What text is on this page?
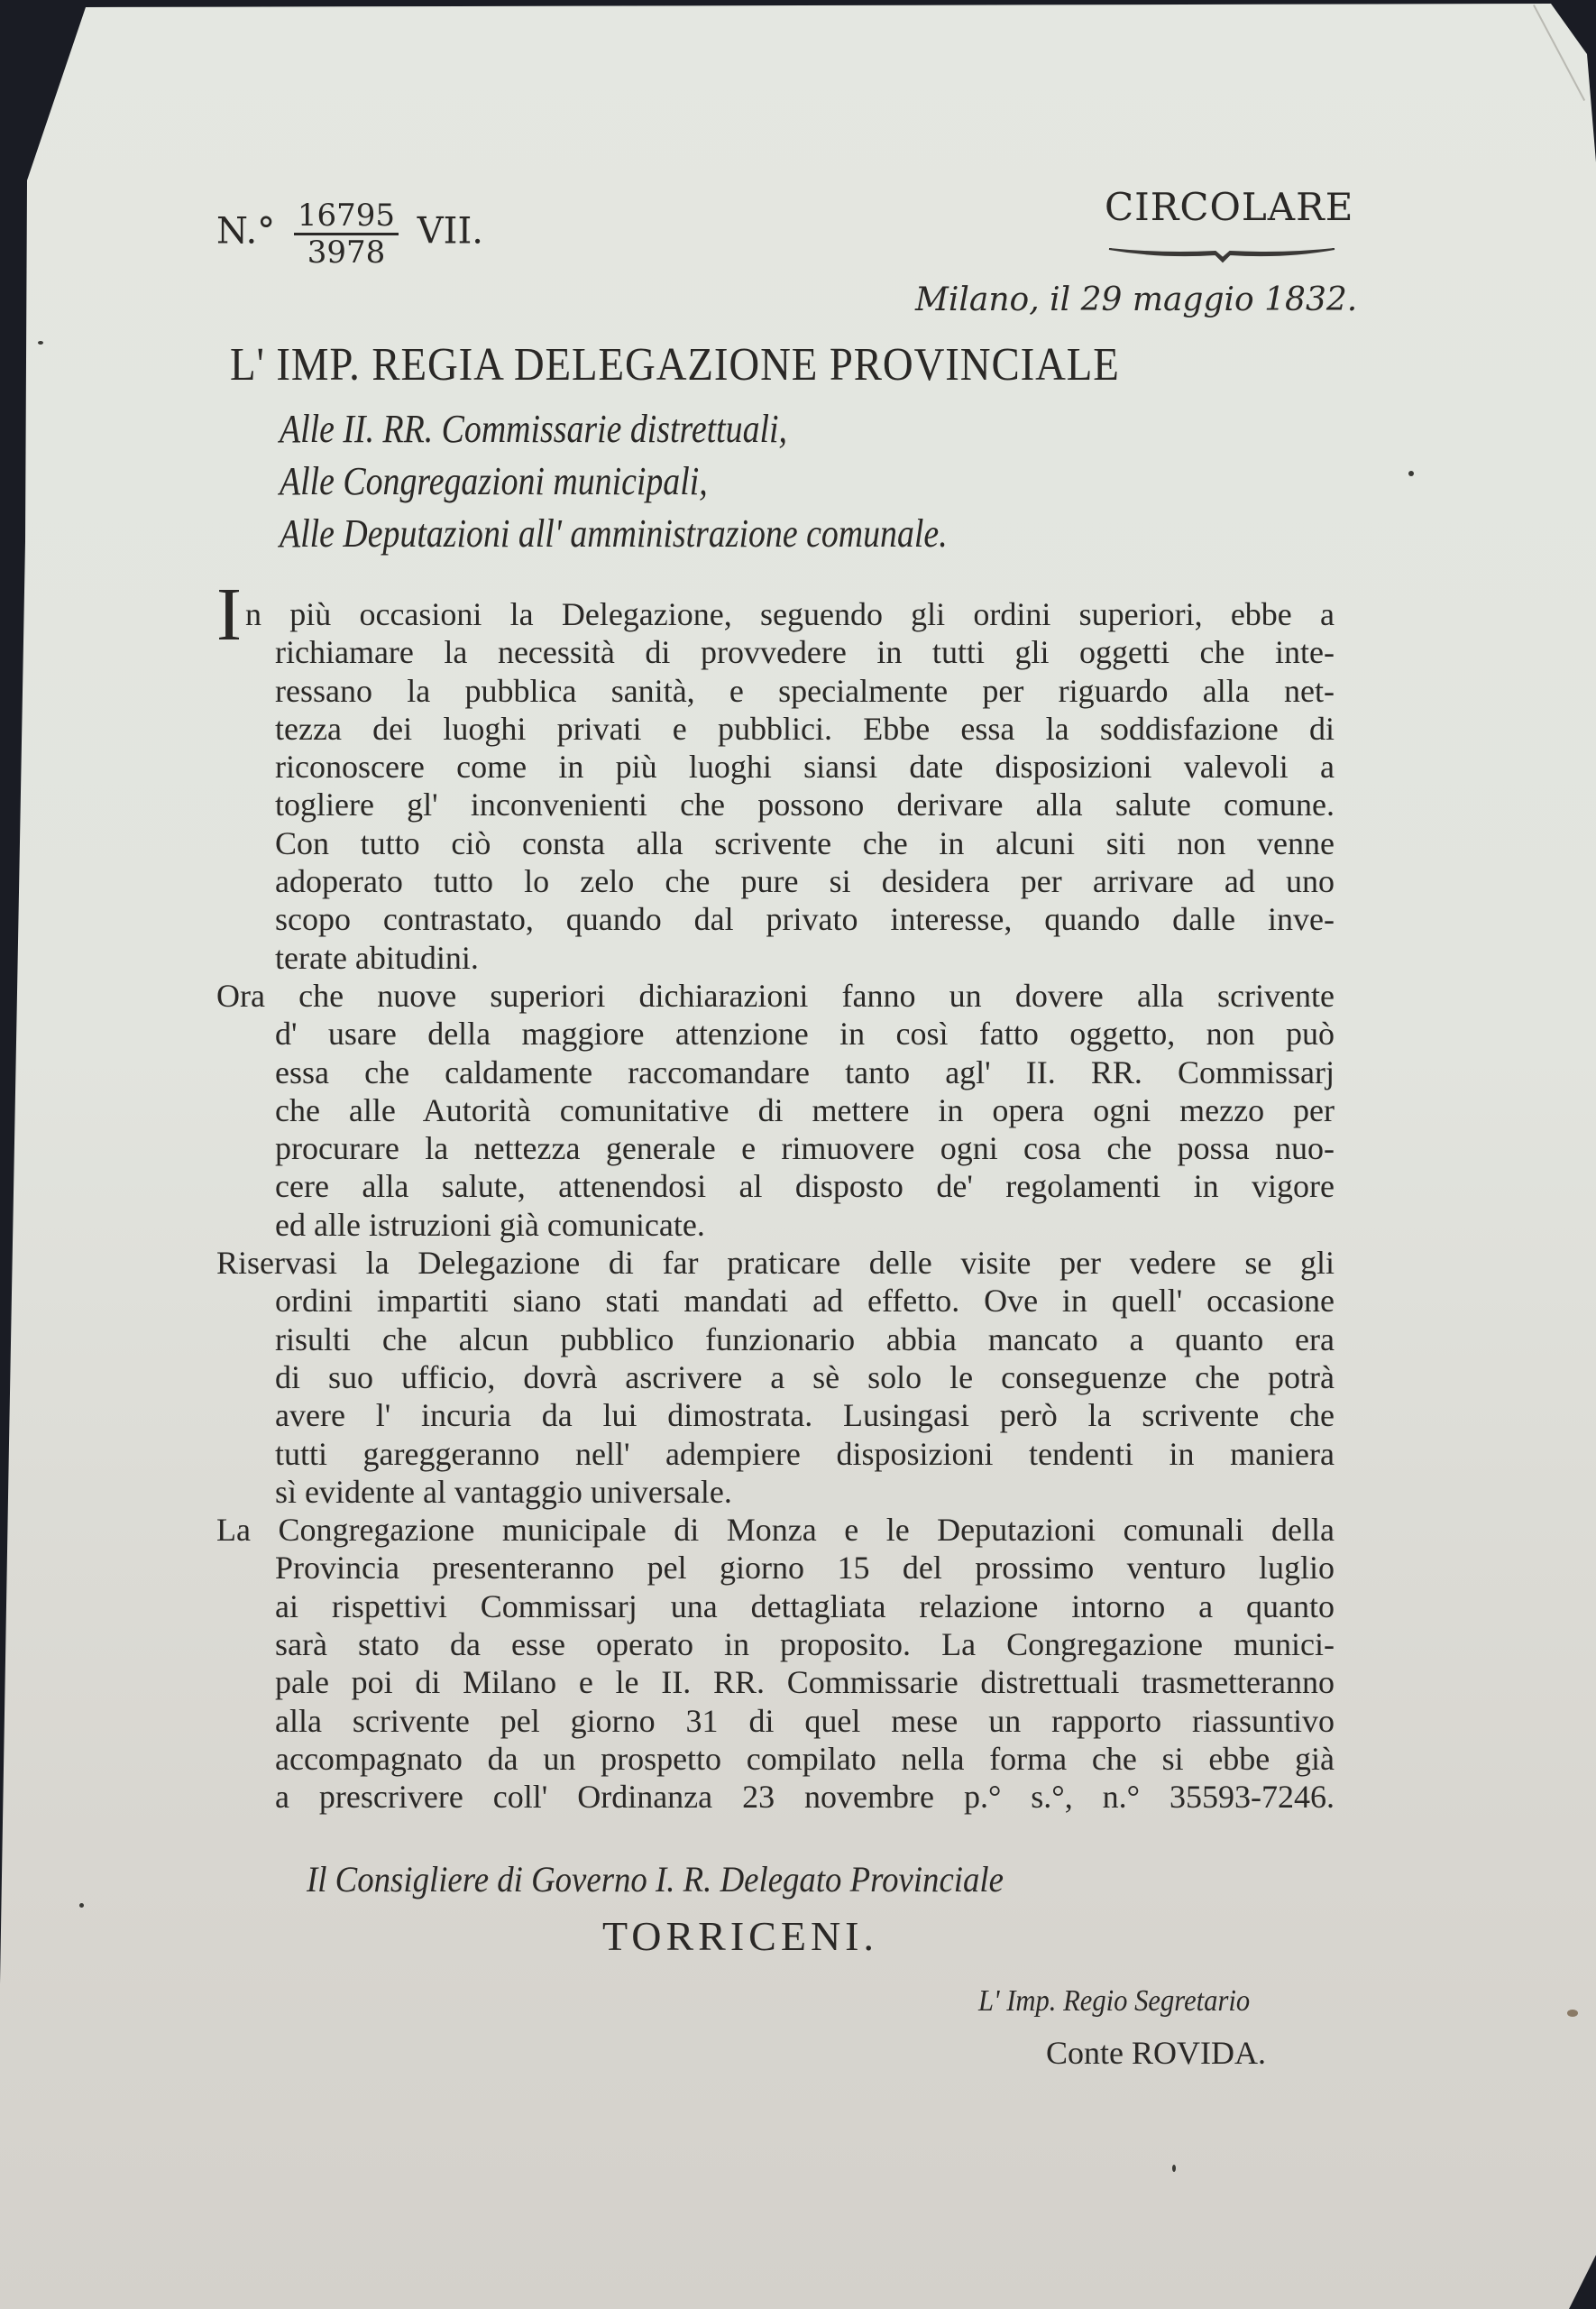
$N.^\circ \frac{16795}{3978}$ VII.
CIRCOLARE
Milano, il 29 maggio 1832.
L' IMP. REGIA DELEGAZIONE PROVINCIALE
Alle II. RR. Commissarie distrettuali,
Alle Congregazioni municipali,
Alle Deputazioni all' amministrazione comunale.
I n più occasioni la Delegazione, seguendo gli ordini superiori, ebbe a
richiamare la necessità di provvedere in tutti gli oggetti che inte-
ressano la pubblica sanità, e specialmente per riguardo alla net-
tezza dei luoghi privati e pubblici. Ebbe essa la soddisfazione di
riconoscere come in più luoghi siansi date disposizioni valevoli a
togliere gl' inconvenienti che possono derivare alla salute comune.
Con tutto ciò consta alla scrivente che in alcuni siti non venne
adoperato tutto lo zelo che pure si desidera per arrivare ad uno
scopo contrastato, quando dal privato interesse, quando dalle inve-
terate abitudini.
Ora che nuove superiori dichiarazioni fanno un dovere alla scrivente
d' usare della maggiore attenzione in così fatto oggetto, non può
essa che caldamente raccomandare tanto agl' II. RR. Commissarj
che alle Autorità comunitative di mettere in opera ogni mezzo per
procurare la nettezza generale e rimuovere ogni cosa che possa nuo-
cere alla salute, attenendosi al disposto de' regolamenti in vigore
ed alle istruzioni già comunicate.
Riservasi la Delegazione di far praticare delle visite per vedere se gli
ordini impartiti siano stati mandati ad effetto. Ove in quell' occasione
risulti che alcun pubblico funzionario abbia mancato a quanto era
di suo ufficio, dovrà ascrivere a sè solo le conseguenze che potrà
avere l' incuria da lui dimostrata. Lusingasi però la scrivente che
tutti gareggeranno nell' adempiere disposizioni tendenti in maniera
sì evidente al vantaggio universale.
La Congregazione municipale di Monza e le Deputazioni comunali della
Provincia presenteranno pel giorno 15 del prossimo venturo luglio
ai rispettivi Commissarj una dettagliata relazione intorno a quanto
sarà stato da esse operato in proposito. La Congregazione munici-
pale poi di Milano e le II. RR. Commissarie distrettuali trasmetteranno
alla scrivente pel giorno 31 di quel mese un rapporto riassuntivo
accompagnato da un prospetto compilato nella forma che si ebbe già
a prescrivere coll' Ordinanza 23 novembre p.° s.°, n.° 35593-7246.
Il Consigliere di Governo I. R. Delegato Provinciale
TORRICENI.
L' Imp. Regio Segretario
Conte ROVIDA.
